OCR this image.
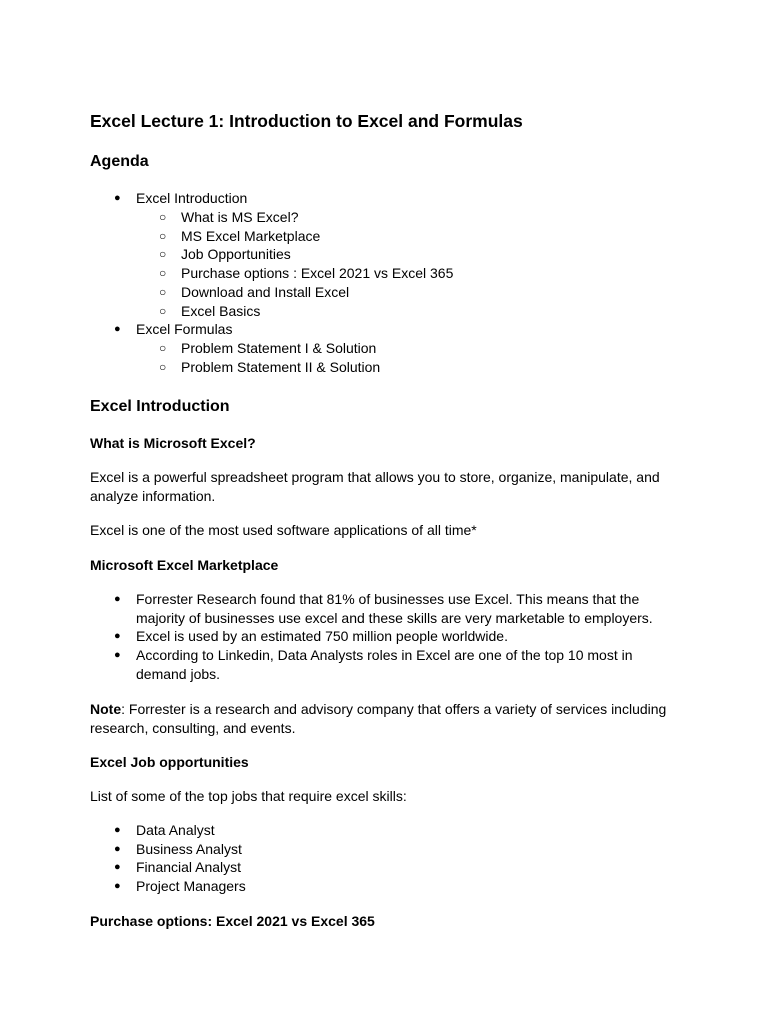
Excel Lecture 1: Introduction to Excel and Formulas
Agenda
● Excel Introduction
○ What is MS Excel?
○ MS Excel Marketplace
○ Job Opportunities
○ Purchase options : Excel 2021 vs Excel 365
○ Download and Install Excel
○ Excel Basics
● Excel Formulas
○ Problem Statement I & Solution
○ Problem Statement II & Solution
Excel Introduction
What is Microsoft Excel?

Excel is a powerful spreadsheet program that allows you to store, organize, manipulate, and

analyze information.

Excel is one of the most used software applications of all time*

Microsoft Excel Marketplace
● Forrester Research found that 81% of businesses use Excel. This means that the
majority of businesses use excel and these skills are very marketable to employers.
● Excel is used by an estimated 750 million people worldwide.
● According to Linkedin, Data Analysts roles in Excel are one of the top 10 most in
demand jobs.

Note: Forrester is a research and advisory company that offers a variety of services including

research, consulting, and events.

Excel Job opportunities

List of some of the top jobs that require excel skills:

● Data Analyst
● Business Analyst
● Financial Analyst
● Project Managers
Purchase options: Excel 2021 vs Excel 365
